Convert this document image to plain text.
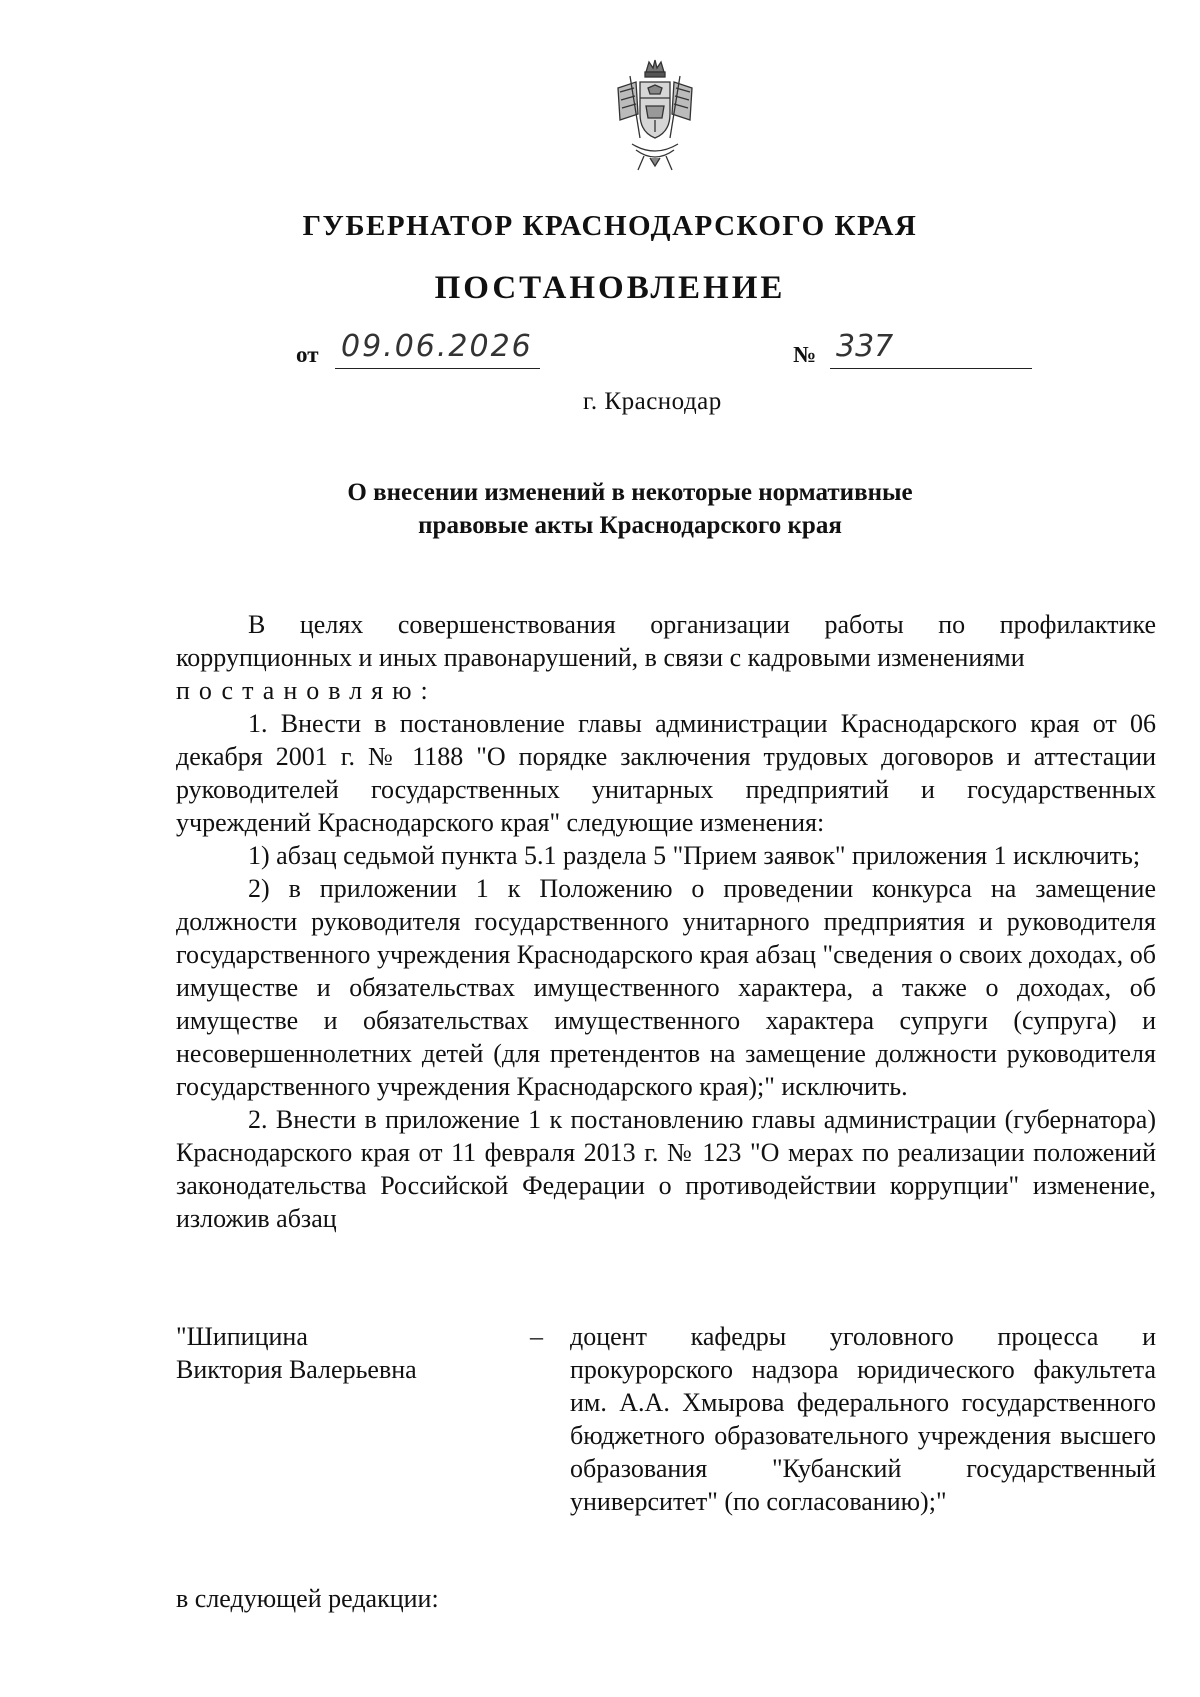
ГУБЕРНАТОР КРАСНОДАРСКОГО КРАЯ
ПОСТАНОВЛЕНИЕ
от 09.06.2026	№ 337
г. Краснодар
О внесении изменений в некоторые нормативные
правовые акты Краснодарского края

В целях совершенствования организации работы по профилактике коррупционных и иных правонарушений, в связи с кадровыми изменениями
постановляю:

1. Внести в постановление главы администрации Краснодарского края от 06 декабря 2001 г. № 1188 "О порядке заключения трудовых договоров и аттестации руководителей государственных унитарных предприятий и государственных учреждений Краснодарского края" следующие изменения:

1) абзац седьмой пункта 5.1 раздела 5 "Прием заявок" приложения 1 исключить;

2) в приложении 1 к Положению о проведении конкурса на замещение должности руководителя государственного унитарного предприятия и руководителя государственного учреждения Краснодарского края абзац "сведения о своих доходах, об имуществе и обязательствах имущественного характера, а также о доходах, об имуществе и обязательствах имущественного характера супруги (супруга) и несовершеннолетних детей (для претендентов на замещение должности руководителя государственного учреждения Краснодарского края);" исключить.

2. Внести в приложение 1 к постановлению главы администрации (губернатора) Краснодарского края от 11 февраля 2013 г. № 123 "О мерах по реализации положений законодательства Российской Федерации о противодействии коррупции" изменение, изложив абзац

"Шипицина
Виктория Валерьевна
– доцент кафедры уголовного процесса и прокурорского надзора юридического факультета им. А.А. Хмырова федерального государственного бюджетного образовательного учреждения высшего образования "Кубанский государственный университет" (по согласованию);"
в следующей редакции:
